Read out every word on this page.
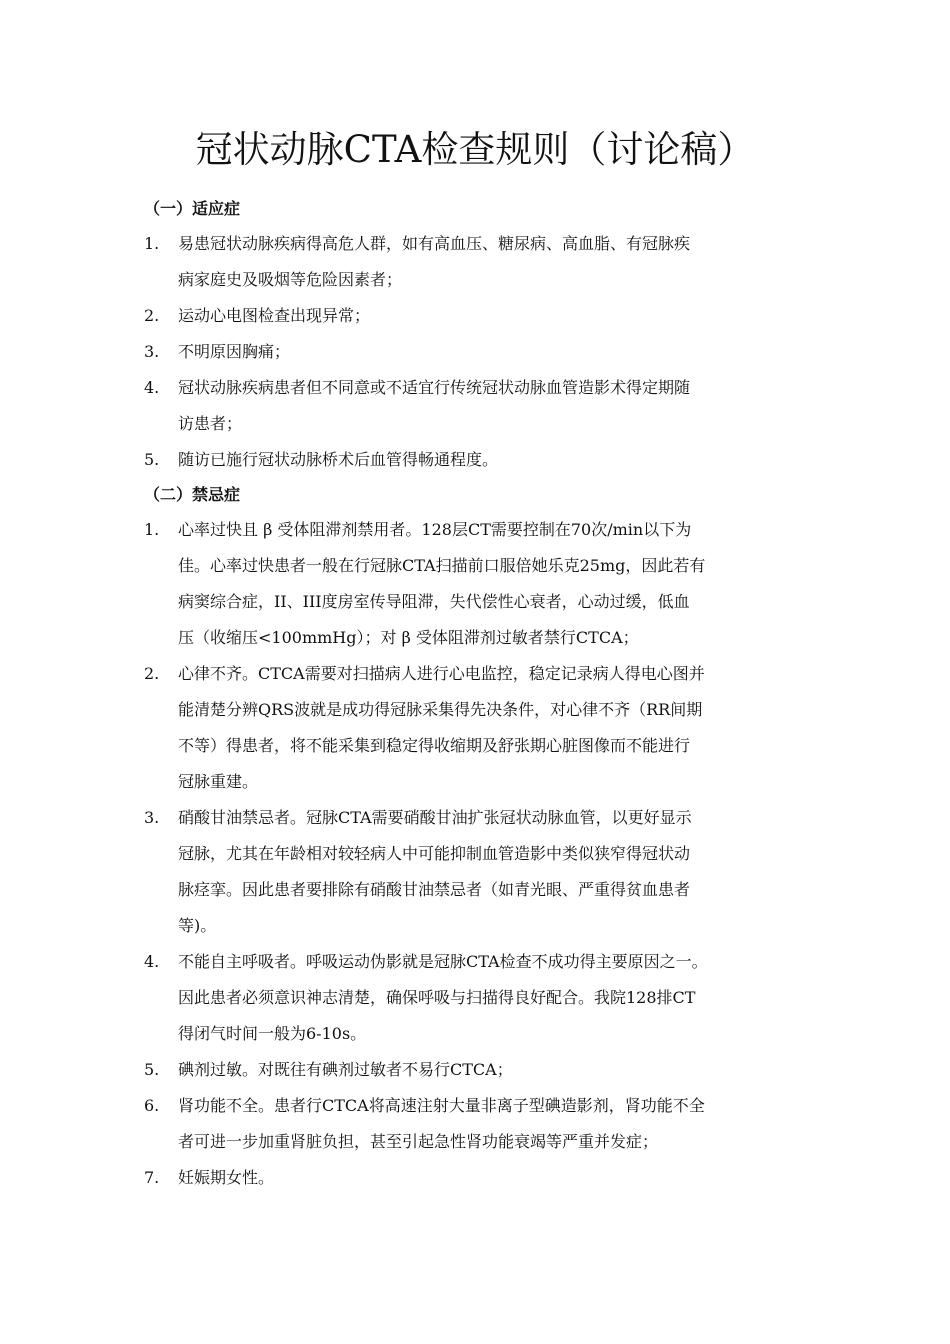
冠状动脉CTA检查规则（讨论稿）
（一）适应症
1.	易患冠状动脉疾病得高危人群，如有高血压、糖尿病、高血脂、有冠脉疾
病家庭史及吸烟等危险因素者；
2.	运动心电图检查出现异常；
3.	不明原因胸痛；
4.	冠状动脉疾病患者但不同意或不适宜行传统冠状动脉血管造影术得定期随
访患者；
5.	随访已施行冠状动脉桥术后血管得畅通程度。
（二）禁忌症
1.	心率过快且 β 受体阻滞剂禁用者。128层CT需要控制在70次/min以下为
佳。心率过快患者一般在行冠脉CTA扫描前口服倍她乐克25mg，因此若有
病窦综合症，II、III度房室传导阻滞，失代偿性心衰者，心动过缓，低血
压（收缩压<100mmHg）；对 β 受体阻滞剂过敏者禁行CTCA；
2.	心律不齐。CTCA需要对扫描病人进行心电监控，稳定记录病人得电心图并
能清楚分辨QRS波就是成功得冠脉采集得先决条件，对心律不齐（RR间期
不等）得患者，将不能采集到稳定得收缩期及舒张期心脏图像而不能进行
冠脉重建。
3.	硝酸甘油禁忌者。冠脉CTA需要硝酸甘油扩张冠状动脉血管，以更好显示
冠脉，尤其在年龄相对较轻病人中可能抑制血管造影中类似狭窄得冠状动
脉痉挛。因此患者要排除有硝酸甘油禁忌者（如青光眼、严重得贫血患者
等)。
4.	不能自主呼吸者。呼吸运动伪影就是冠脉CTA检查不成功得主要原因之一。
因此患者必须意识神志清楚，确保呼吸与扫描得良好配合。我院128排CT
得闭气时间一般为6-10s。
5.	碘剂过敏。对既往有碘剂过敏者不易行CTCA；
6.	肾功能不全。患者行CTCA将高速注射大量非离子型碘造影剂，肾功能不全
者可进一步加重肾脏负担，甚至引起急性肾功能衰竭等严重并发症；
7.	妊娠期女性。
